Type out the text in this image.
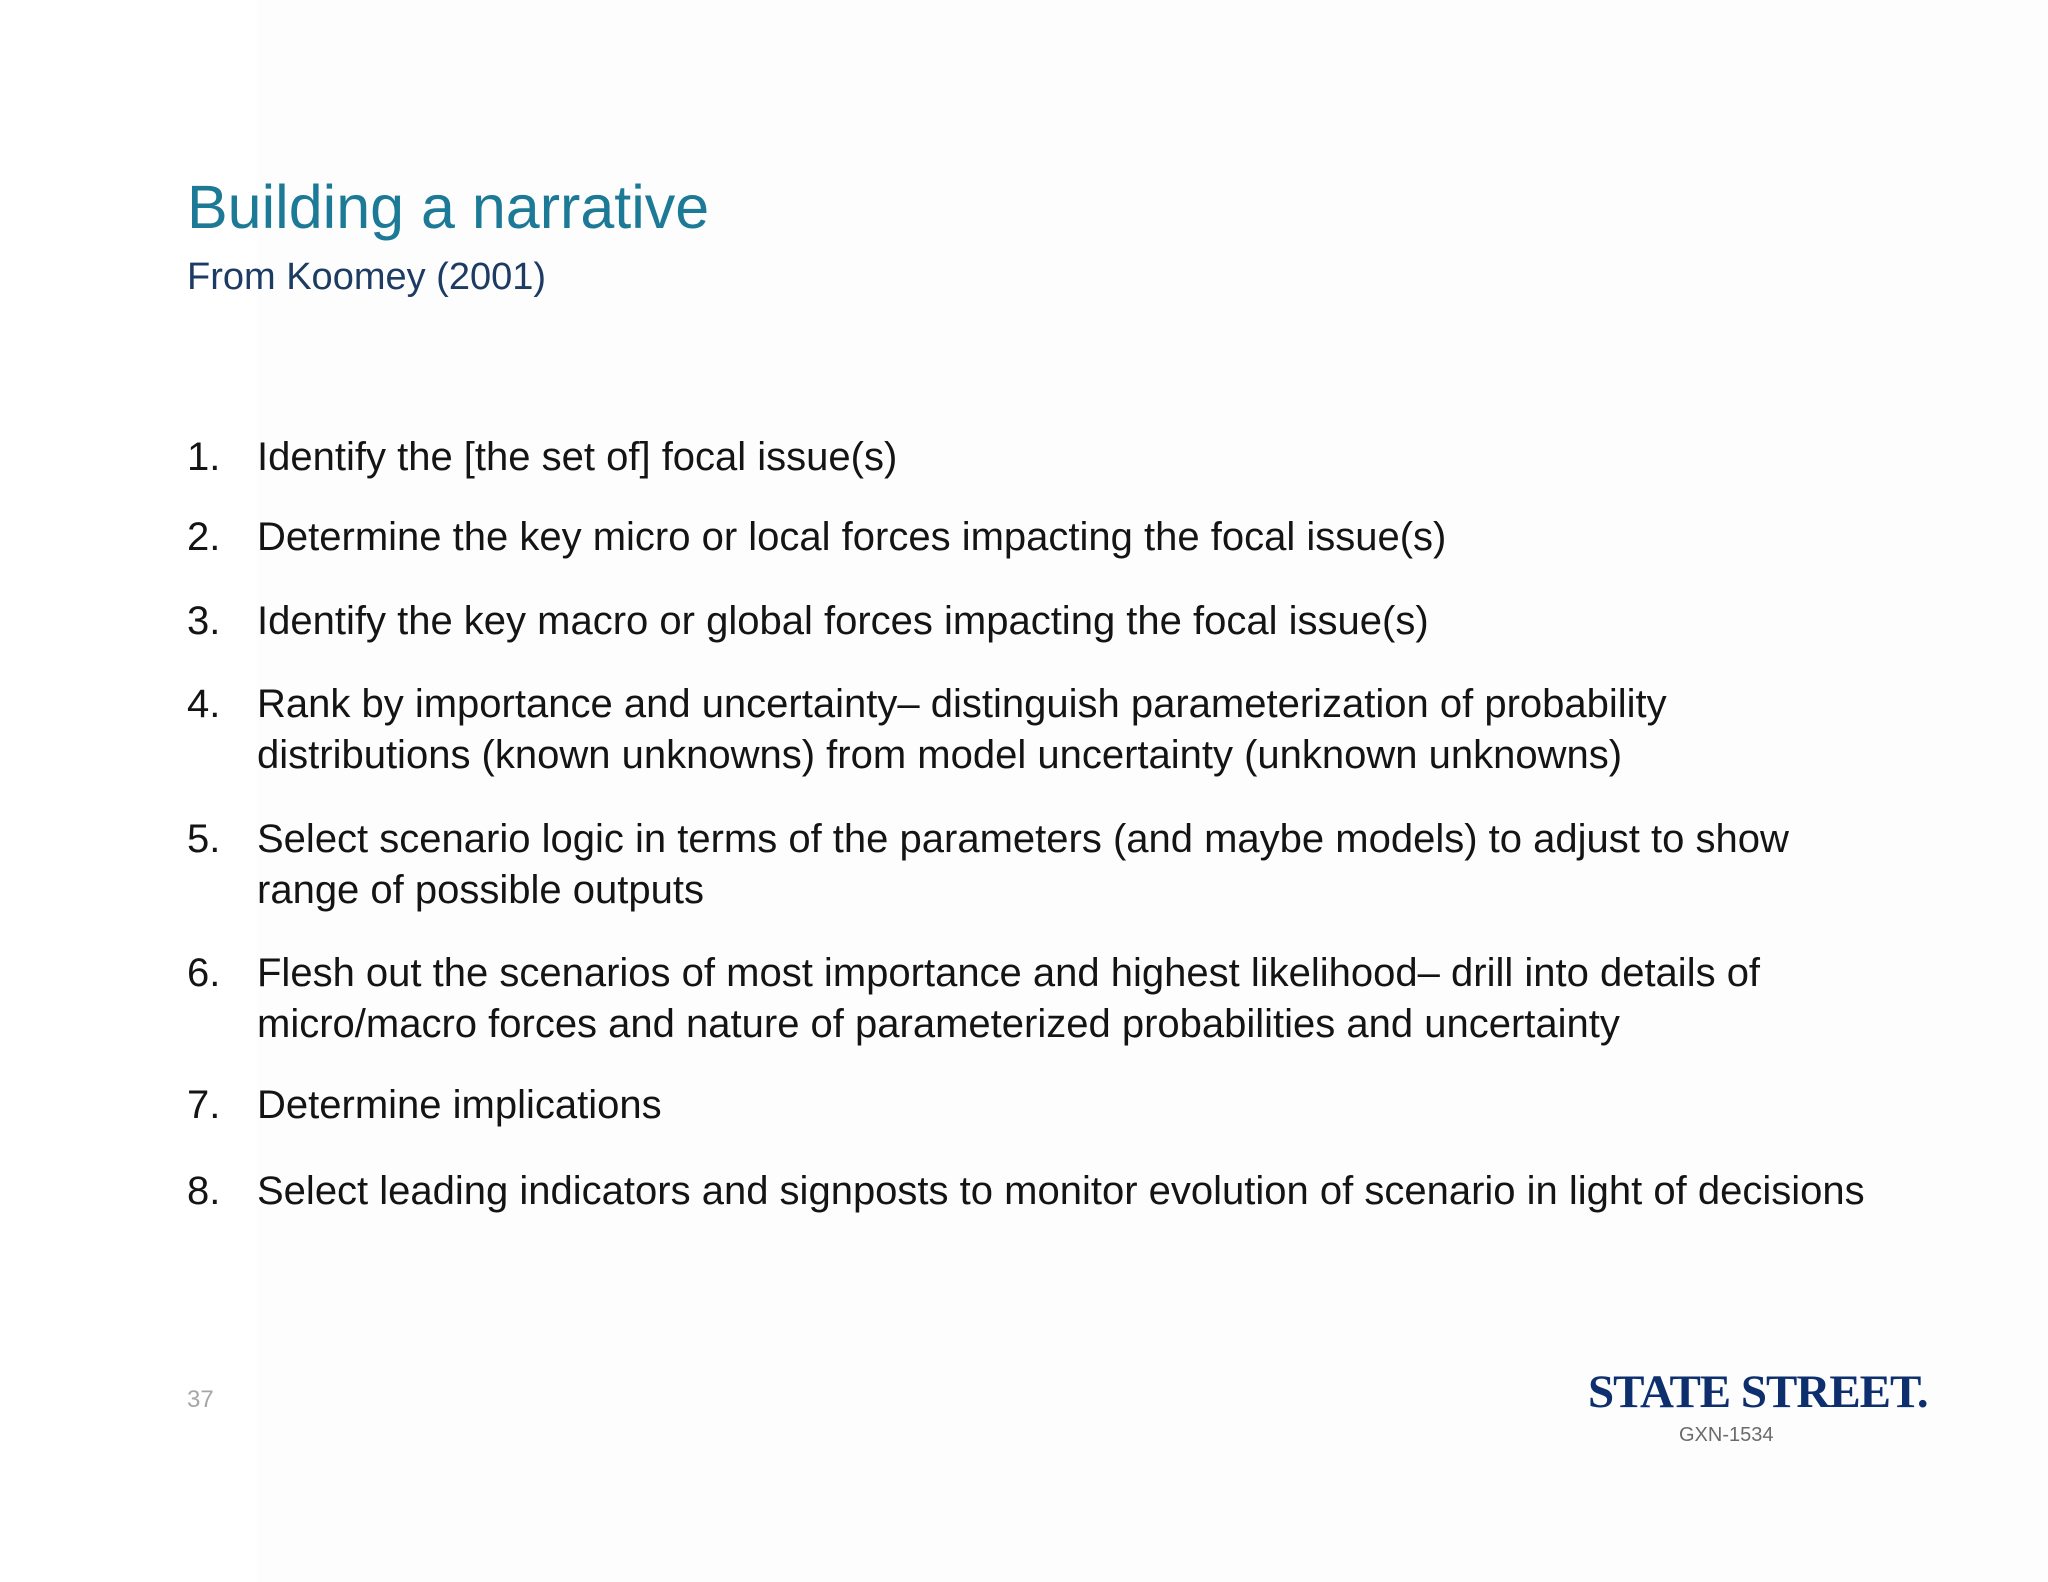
Building a narrative
From Koomey (2001)
1. Identify the [the set of] focal issue(s)
2. Determine the key micro or local forces impacting the focal issue(s)
3. Identify the key macro or global forces impacting the focal issue(s)
4. Rank by importance and uncertainty– distinguish parameterization of probability distributions (known unknowns) from model uncertainty (unknown unknowns)
5. Select scenario logic in terms of the parameters (and maybe models) to adjust to show range of possible outputs
6. Flesh out the scenarios of most importance and highest likelihood– drill into details of micro/macro forces and nature of parameterized probabilities and uncertainty
7. Determine implications
8. Select leading indicators and signposts to monitor evolution of scenario in light of decisions
37	STATE STREET.
GXN-1534
